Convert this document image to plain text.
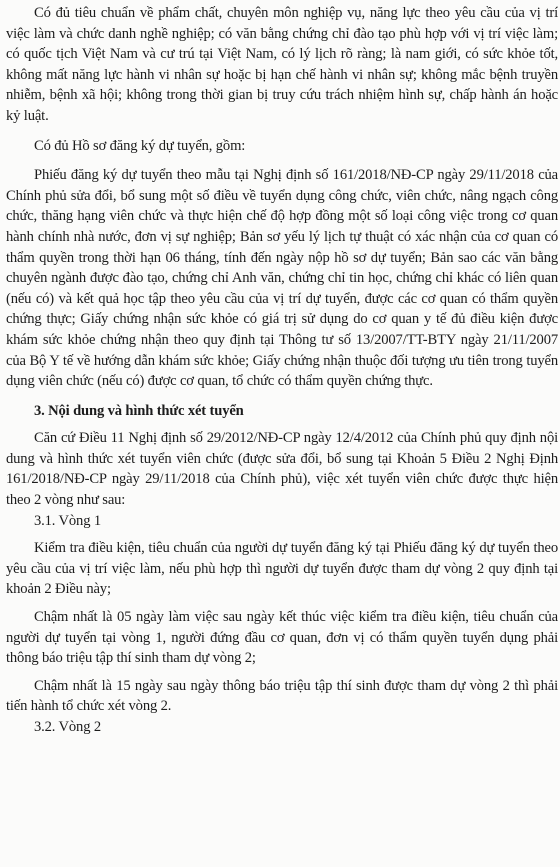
Có đủ tiêu chuẩn về phẩm chất, chuyên môn nghiệp vụ, năng lực theo yêu cầu của vị trí việc làm và chức danh nghề nghiệp; có văn bằng chứng chỉ đào tạo phù hợp với vị trí việc làm; có quốc tịch Việt Nam và cư trú tại Việt Nam, có lý lịch rõ ràng; là nam giới, có sức khỏe tốt, không mất năng lực hành vi nhân sự hoặc bị hạn chế hành vi nhân sự; không mắc bệnh truyền nhiễm, bệnh xã hội; không trong thời gian bị truy cứu trách nhiệm hình sự, chấp hành án hoặc kỷ luật.

Có đủ Hồ sơ đăng ký dự tuyển, gồm:

Phiếu đăng ký dự tuyển theo mẫu tại Nghị định số 161/2018/NĐ-CP ngày 29/11/2018 của Chính phủ sửa đổi, bổ sung một số điều về tuyển dụng công chức, viên chức, nâng ngạch công chức, thăng hạng viên chức và thực hiện chế độ hợp đồng một số loại công việc trong cơ quan hành chính nhà nước, đơn vị sự nghiệp; Bản sơ yếu lý lịch tự thuật có xác nhận của cơ quan có thẩm quyền trong thời hạn 06 tháng, tính đến ngày nộp hồ sơ dự tuyển; Bản sao các văn bằng chuyên ngành được đào tạo, chứng chỉ Anh văn, chứng chỉ tin học, chứng chỉ khác có liên quan (nếu có) và kết quả học tập theo yêu cầu của vị trí dự tuyển, được các cơ quan có thẩm quyền chứng thực; Giấy chứng nhận sức khỏe có giá trị sử dụng do cơ quan y tế đủ điều kiện được khám sức khỏe chứng nhận theo quy định tại Thông tư số 13/2007/TT-BTY ngày 21/11/2007 của Bộ Y tế về hướng dẫn khám sức khỏe; Giấy chứng nhận thuộc đối tượng ưu tiên trong tuyển dụng viên chức (nếu có) được cơ quan, tổ chức có thẩm quyền chứng thực.

3. Nội dung và hình thức xét tuyển

Căn cứ Điều 11 Nghị định số 29/2012/NĐ-CP ngày 12/4/2012 của Chính phủ quy định nội dung và hình thức xét tuyển viên chức (được sửa đổi, bổ sung tại Khoản 5 Điều 2 Nghị Định 161/2018/NĐ-CP ngày 29/11/2018 của Chính phủ), việc xét tuyển viên chức được thực hiện theo 2 vòng như sau:

3.1. Vòng 1

Kiểm tra điều kiện, tiêu chuẩn của người dự tuyển đăng ký tại Phiếu đăng ký dự tuyển theo yêu cầu của vị trí việc làm, nếu phù hợp thì người dự tuyển được tham dự vòng 2 quy định tại khoản 2 Điều này;

Chậm nhất là 05 ngày làm việc sau ngày kết thúc việc kiểm tra điều kiện, tiêu chuẩn của người dự tuyển tại vòng 1, người đứng đầu cơ quan, đơn vị có thẩm quyền tuyển dụng phải thông báo triệu tập thí sinh tham dự vòng 2;

Chậm nhất là 15 ngày sau ngày thông báo triệu tập thí sinh được tham dự vòng 2 thì phải tiến hành tổ chức xét vòng 2.

3.2. Vòng 2
